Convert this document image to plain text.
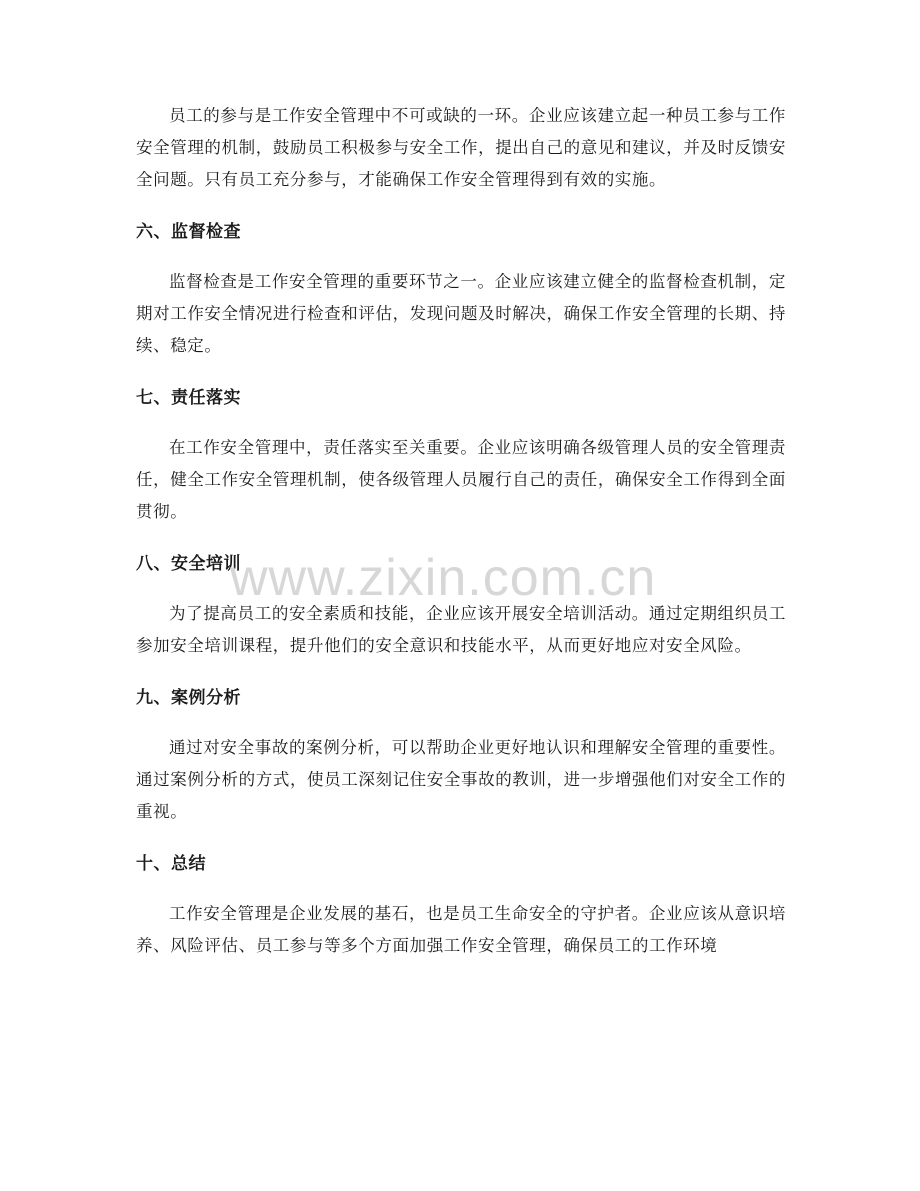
员工的参与是工作安全管理中不可或缺的一环。企业应该建立起一种员工参与工作安全管理的机制，鼓励员工积极参与安全工作，提出自己的意见和建议，并及时反馈安全问题。只有员工充分参与，才能确保工作安全管理得到有效的实施。

六、监督检查

监督检查是工作安全管理的重要环节之一。企业应该建立健全的监督检查机制，定期对工作安全情况进行检查和评估，发现问题及时解决，确保工作安全管理的长期、持续、稳定。

七、责任落实

在工作安全管理中，责任落实至关重要。企业应该明确各级管理人员的安全管理责任，健全工作安全管理机制，使各级管理人员履行自己的责任，确保安全工作得到全面贯彻。

八、安全培训

为了提高员工的安全素质和技能，企业应该开展安全培训活动。通过定期组织员工参加安全培训课程，提升他们的安全意识和技能水平，从而更好地应对安全风险。

九、案例分析

通过对安全事故的案例分析，可以帮助企业更好地认识和理解安全管理的重要性。通过案例分析的方式，使员工深刻记住安全事故的教训，进一步增强他们对安全工作的重视。

十、总结

工作安全管理是企业发展的基石，也是员工生命安全的守护者。企业应该从意识培养、风险评估、员工参与等多个方面加强工作安全管理，确保员工的工作环境

www.zixin.com.cn
